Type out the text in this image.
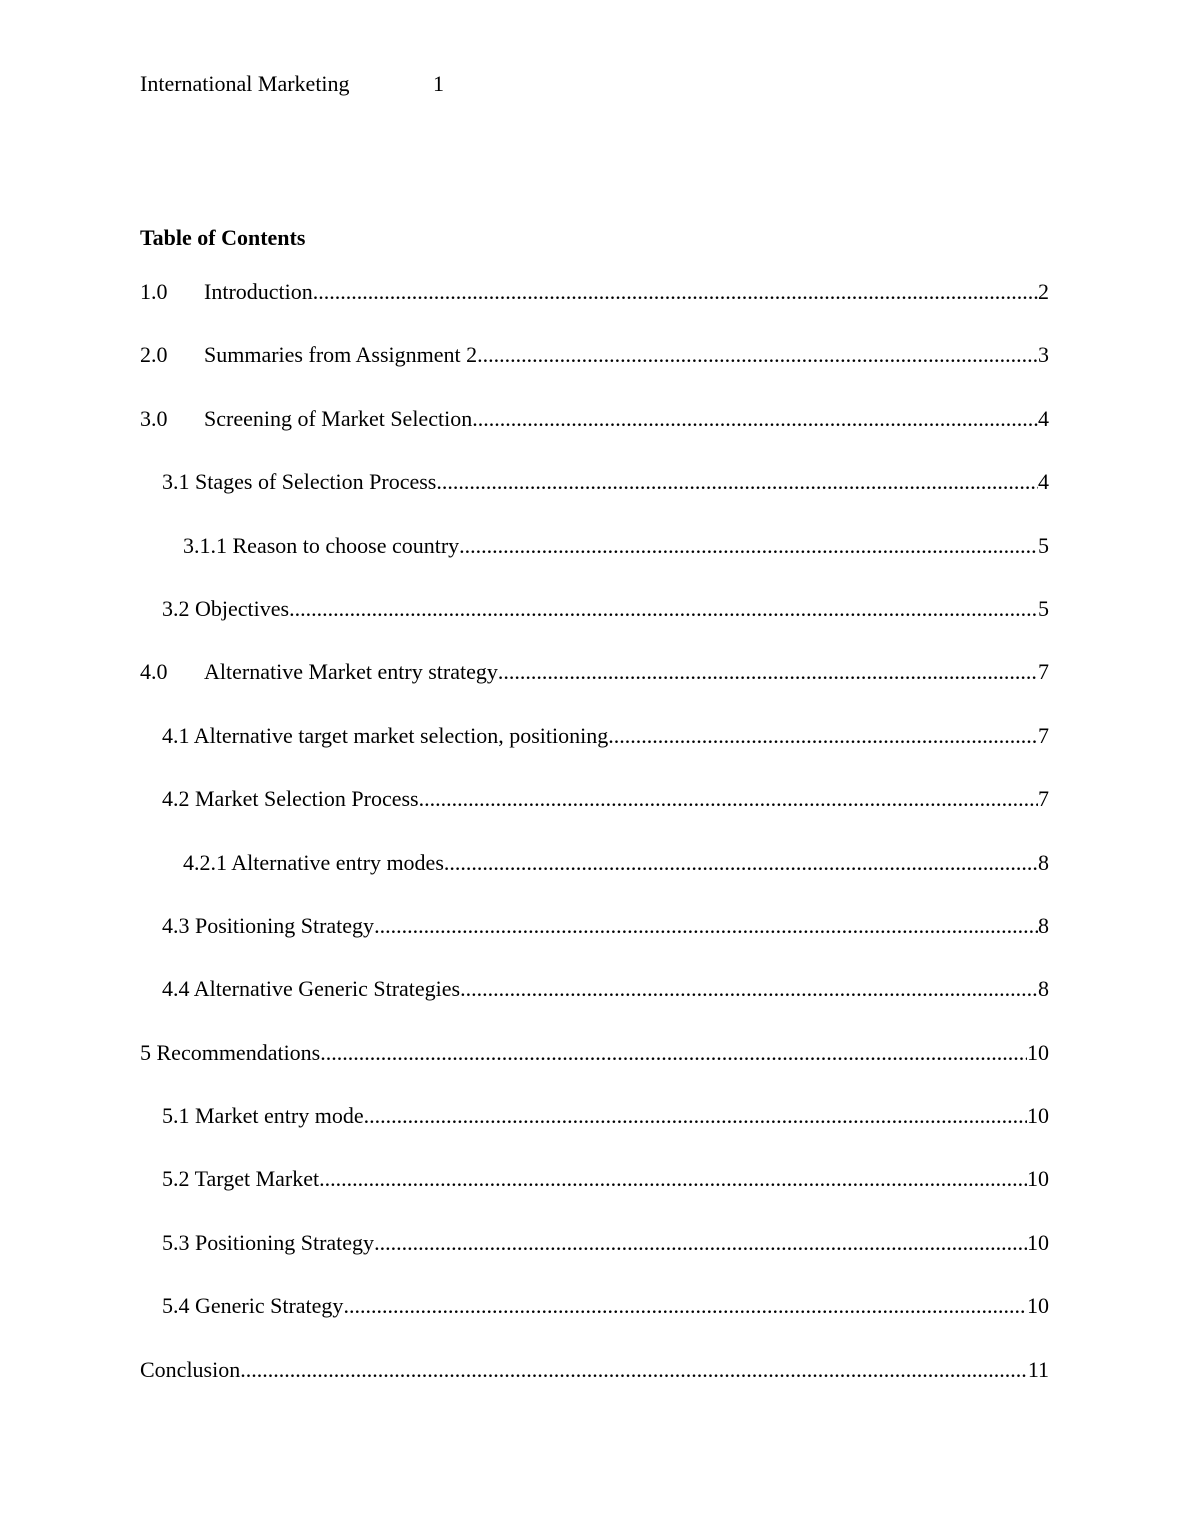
International Marketing	1
Table of Contents
1.0	Introduction .....	2
2.0	Summaries from Assignment 2 .....	3
3.0	Screening of Market Selection .....	4
3.1 Stages of Selection Process .....	4
3.1.1 Reason to choose country .....	5
3.2 Objectives .....	5
4.0	Alternative Market entry strategy .....	7
4.1 Alternative target market selection, positioning .....	7
4.2 Market Selection Process .....	7
4.2.1 Alternative entry modes .....	8
4.3 Positioning Strategy .....	8
4.4 Alternative Generic Strategies .....	8
5 Recommendations .....	10
5.1 Market entry mode .....	10
5.2 Target Market .....	10
5.3 Positioning Strategy .....	10
5.4 Generic Strategy .....	10
Conclusion .....	11
